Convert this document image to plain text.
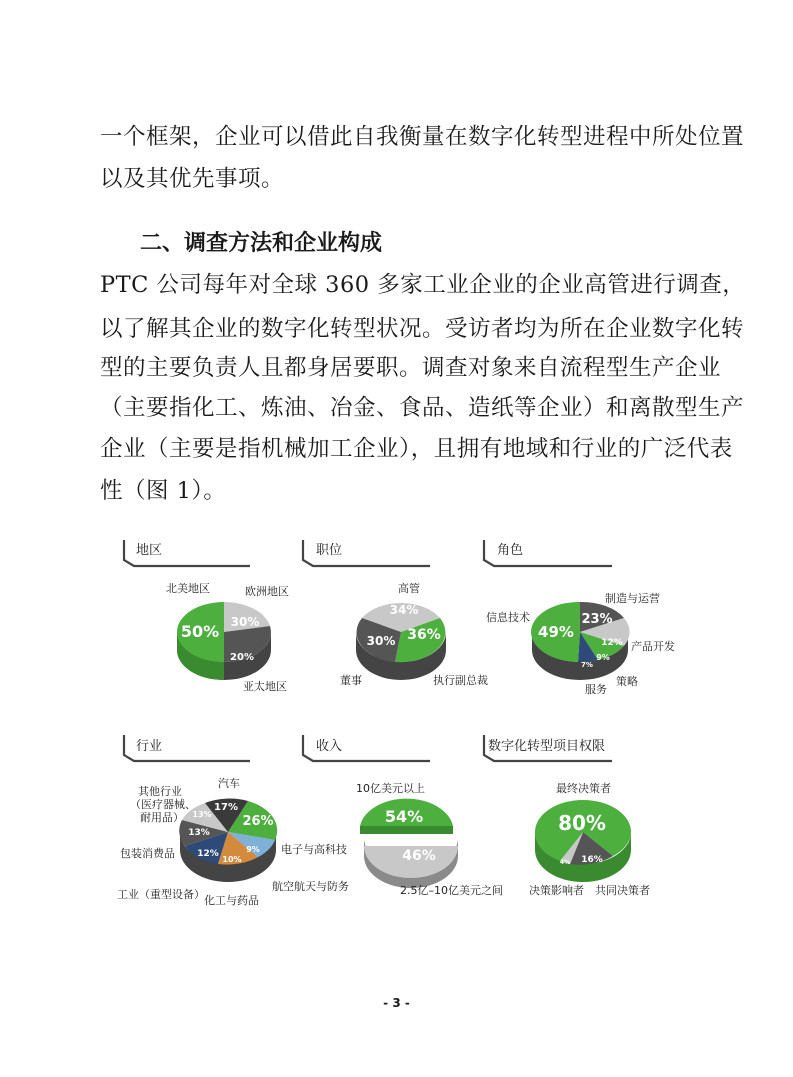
一个框架，企业可以借此自我衡量在数字化转型进程中所处位置
以及其优先事项。
二、调查方法和企业构成
PTC 公司每年对全球 360 多家工业企业的企业高管进行调查，
以了解其企业的数字化转型状况。受访者均为所在企业数字化转
型的主要负责人且都身居要职。调查对象来自流程型生产企业
（主要指化工、炼油、冶金、食品、造纸等企业）和离散型生产
企业（主要是指机械加工企业），且拥有地域和行业的广泛代表
性（图 1）。
地区
50% 30%
20%
北美地区	欧洲地区
亚太地区
职位
34%
36%
30%
高管
执行副总裁
董事
角色
23%
12%
9%
7%
49%
制造与运营
产品开发
策略
服务
信息技术
行业
26%
9%
10%
12%
13%
13%
17%
电子与高科技
航空航天与防务
化工与药品
工业（重型设备）
包装消费品
其他行业
（医疗器械、
耐用品）
汽车
收入
54%
46%
10亿美元以上
2.5亿–10亿美元之间
数字化转型项目权限
80%
16%
4%
最终决策者
共同决策者
决策影响者
- 3 -
